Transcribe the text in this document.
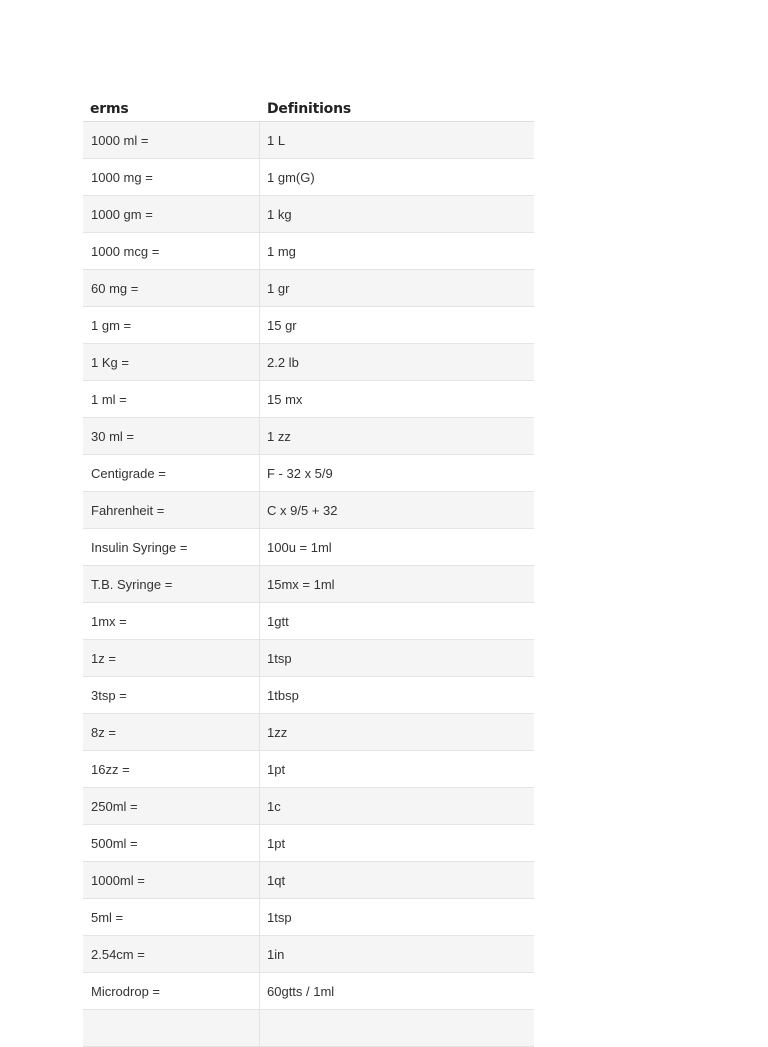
erms	Definitions
1000 ml =	1 L
1000 mg =	1 gm(G)
1000 gm =	1 kg
1000 mcg =	1 mg
60 mg =	1 gr
1 gm =	15 gr
1 Kg =	2.2 lb
1 ml =	15 mx
30 ml =	1 zz
Centigrade =	F - 32 x 5/9
Fahrenheit =	C x 9/5 + 32
Insulin Syringe =	100u = 1ml
T.B. Syringe =	15mx = 1ml
1mx =	1gtt
1z =	1tsp
3tsp =	1tbsp
8z =	1zz
16zz =	1pt
250ml =	1c
500ml =	1pt
1000ml =	1qt
5ml =	1tsp
2.54cm =	1in
Microdrop =	60gtts / 1ml
